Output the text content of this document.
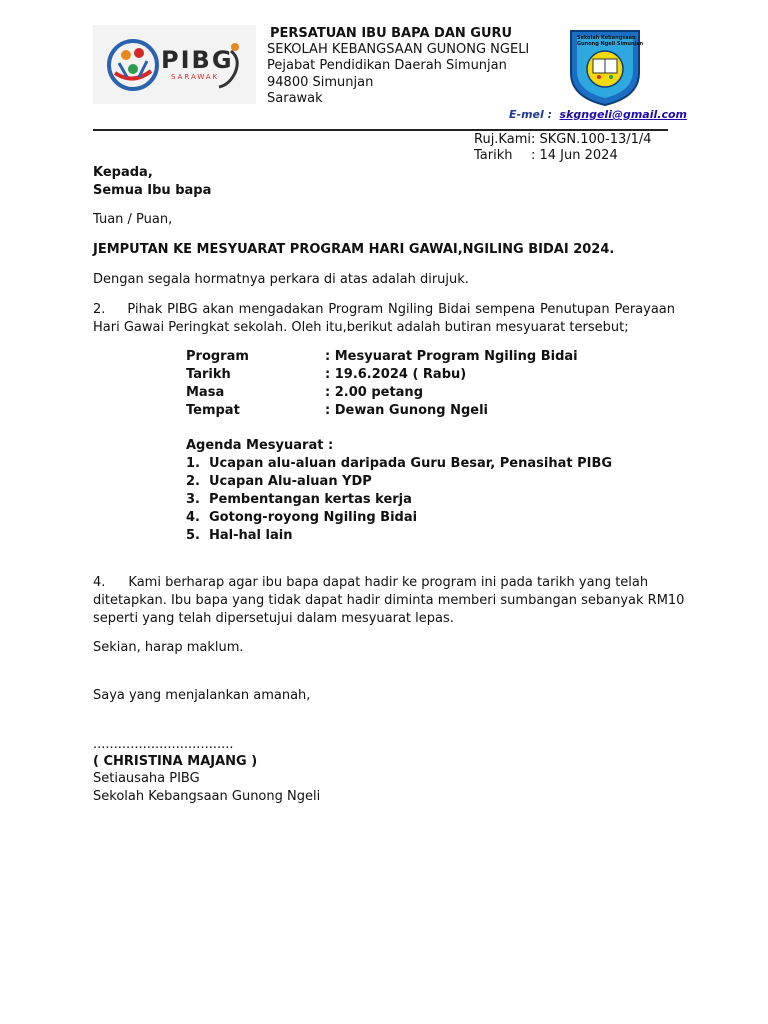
PIBG
SARAWAK
PERSATUAN IBU BAPA DAN GURU
SEKOLAH KEBANGSAAN GUNONG NGELI
Pejabat Pendidikan Daerah Simunjan
94800 Simunjan
Sarawak
Sekolah Kebangsaan
Gunong Ngeli Simunjan
E-mel : skgngeli@gmail.com
Ruj.Kami : SKGN.100-13/1/4
Tarikh : 14 Jun 2024
Kepada,
Semua Ibu bapa
Tuan / Puan,
JEMPUTAN KE MESYUARAT PROGRAM HARI GAWAI,NGILING BIDAI 2024.
Dengan segala hormatnya perkara di atas adalah dirujuk.
2. Pihak PIBG akan mengadakan Program Ngiling Bidai sempena Penutupan Perayaan Hari Gawai Peringkat sekolah. Oleh itu,berikut adalah butiran mesyuarat tersebut;
Program	: Mesyuarat Program Ngiling Bidai
Tarikh	: 19.6.2024 ( Rabu)
Masa	: 2.00 petang
Tempat	: Dewan Gunong Ngeli
Agenda Mesyuarat :
1. Ucapan alu-aluan daripada Guru Besar, Penasihat PIBG
2. Ucapan Alu-aluan YDP
3. Pembentangan kertas kerja
4. Gotong-royong Ngiling Bidai
5. Hal-hal lain
4. Kami berharap agar ibu bapa dapat hadir ke program ini pada tarikh yang telah
ditetapkan. Ibu bapa yang tidak dapat hadir diminta memberi sumbangan sebanyak RM10
seperti yang telah dipersetujui dalam mesyuarat lepas.
Sekian, harap maklum.
Saya yang menjalankan amanah,
..................................
( CHRISTINA MAJANG )
Setiausaha PIBG
Sekolah Kebangsaan Gunong Ngeli
